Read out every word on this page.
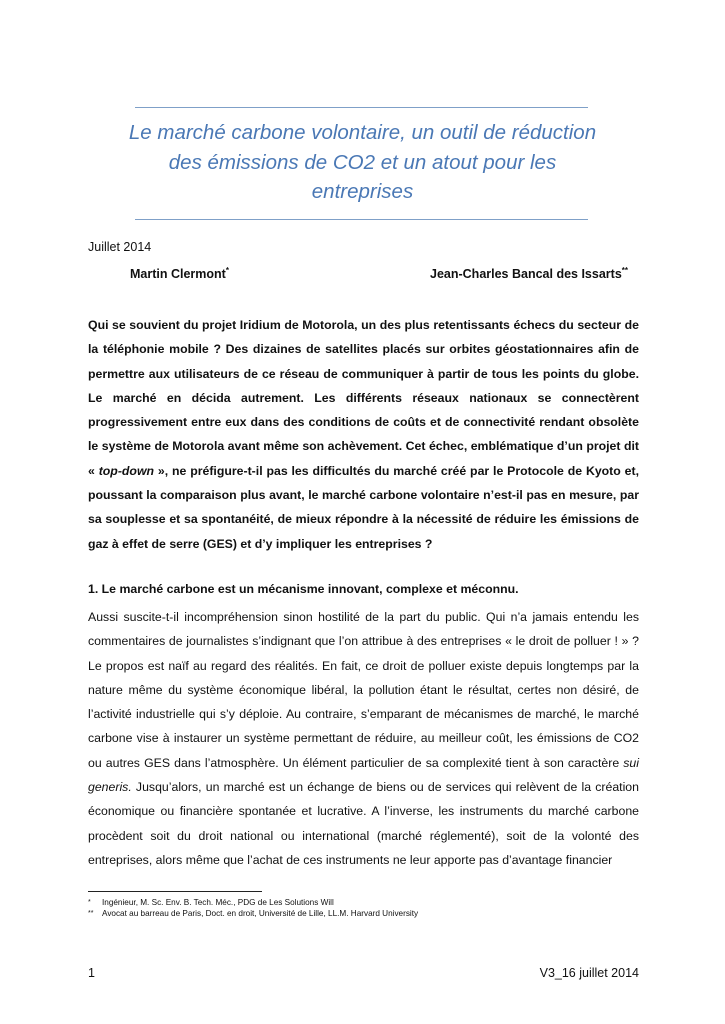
Le marché carbone volontaire, un outil de réduction des émissions de CO2 et un atout pour les entreprises
Juillet 2014
Martin Clermont*	Jean-Charles Bancal des Issarts**

Qui se souvient du projet Iridium de Motorola, un des plus retentissants échecs du secteur de la téléphonie mobile ? Des dizaines de satellites placés sur orbites géostationnaires afin de permettre aux utilisateurs de ce réseau de communiquer à partir de tous les points du globe. Le marché en décida autrement. Les différents réseaux nationaux se connectèrent progressivement entre eux dans des conditions de coûts et de connectivité rendant obsolète le système de Motorola avant même son achèvement. Cet échec, emblématique d’un projet dit « top-down », ne préfigure-t-il pas les difficultés du marché créé par le Protocole de Kyoto et, poussant la comparaison plus avant, le marché carbone volontaire n’est-il pas en mesure, par sa souplesse et sa spontanéité, de mieux répondre à la nécessité de réduire les émissions de gaz à effet de serre (GES) et d’y impliquer les entreprises ?

1. Le marché carbone est un mécanisme innovant, complexe et méconnu.

Aussi suscite-t-il incompréhension sinon hostilité de la part du public. Qui n’a jamais entendu les commentaires de journalistes s’indignant que l’on attribue à des entreprises « le droit de polluer ! » ? Le propos est naïf au regard des réalités. En fait, ce droit de polluer existe depuis longtemps par la nature même du système économique libéral, la pollution étant le résultat, certes non désiré, de l’activité industrielle qui s’y déploie. Au contraire, s’emparant de mécanismes de marché, le marché carbone vise à instaurer un système permettant de réduire, au meilleur coût, les émissions de CO2 ou autres GES dans l’atmosphère. Un élément particulier de sa complexité tient à son caractère sui generis. Jusqu’alors, un marché est un échange de biens ou de services qui relèvent de la création économique ou financière spontanée et lucrative. A l’inverse, les instruments du marché carbone procèdent soit du droit national ou international (marché réglementé), soit de la volonté des entreprises, alors même que l’achat de ces instruments ne leur apporte pas d’avantage financier

* Ingénieur, M. Sc. Env. B. Tech. Méc., PDG de Les Solutions Will
** Avocat au barreau de Paris, Doct. en droit, Université de Lille, LL.M. Harvard University
1	V3_16 juillet 2014
